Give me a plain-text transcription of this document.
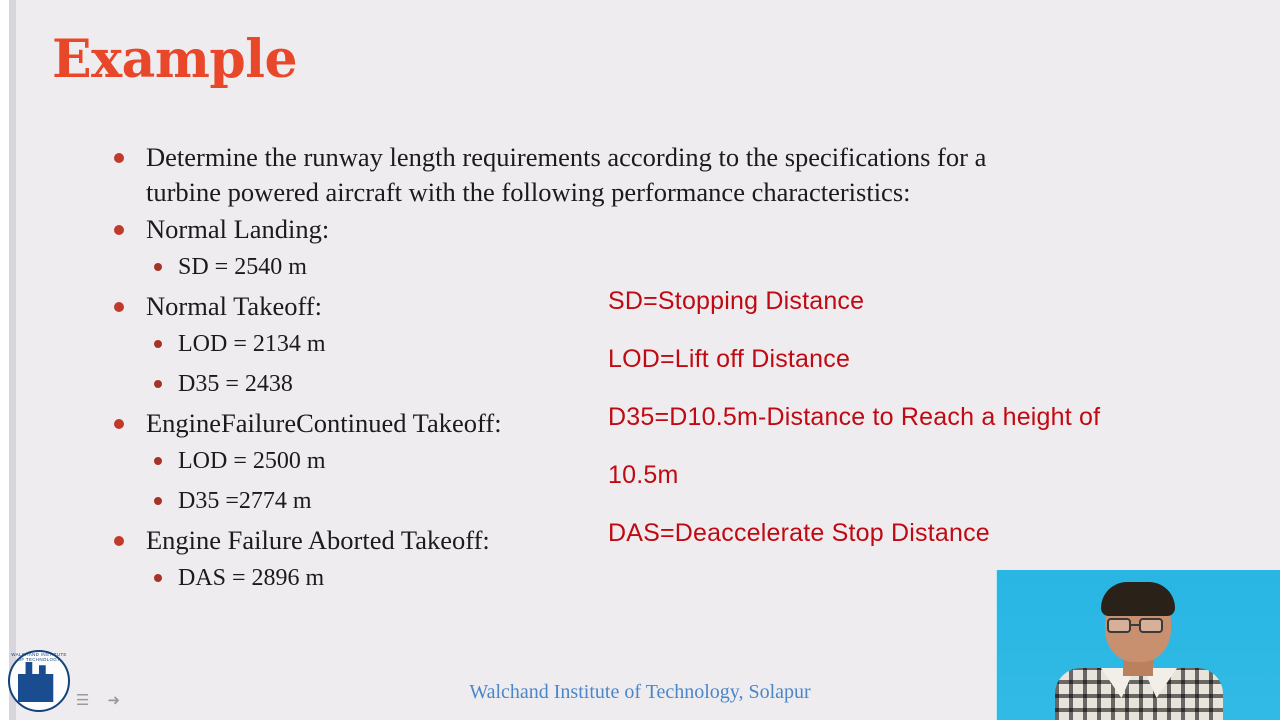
Example
Determine the runway length requirements according to the specifications for a turbine powered aircraft with the following performance characteristics:
Normal Landing:
SD = 2540 m
Normal Takeoff:
LOD = 2134 m
D35 = 2438
EngineFailureContinued Takeoff:
LOD = 2500 m
D35 =2774 m
Engine Failure Aborted Takeoff:
DAS = 2896 m
SD=Stopping Distance
LOD=Lift off Distance
D35=D10.5m-Distance to Reach a height of
10.5m
DAS=Deaccelerate Stop Distance
Walchand Institute of Technology, Solapur
WALCHAND INSTITUTE OF TECHNOLOGY
☰ ➜
